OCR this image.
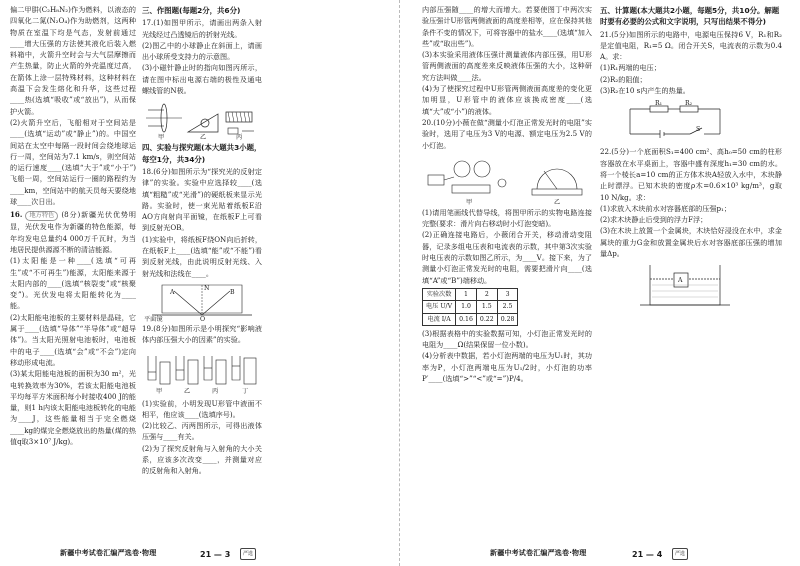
偏二甲肼(C₂H₈N₂)作为燃料，以液态的四氧化二氮(N₂O₄)作为助燃剂，这两种物质在室温下均是气态，发射前通过____增大压强的方法使其液化后装入燃料箱中，火箭升空时会与大气层摩擦而产生热量，防止火箭的外壳温度过高，在箭体上涂一层特殊材料，这种材料在高温下会发生熔化和升华，这些过程____热(选填“吸收”或“放出”)，从而保护火箭。

(2)火箭升空后，飞船相对于空间站是____(选填“运动”或“静止”)的。中国空间站在太空中每隔一段时间会绕地球运行一周，空间站为7.1 km/s，则空间站的运行速度____(选填“大于”或“小于”)飞船一周，空间站运行一圈的路程约为____km，空间站中的航天员每天要绕地球____次日出。

16. 地方特色 (8分)新疆光伏优势明显，光伏发电作为新疆的特色能源，每年均发电总量约4 000万千瓦时，为当地居民提供源源不断的清洁能源。

(1)太阳能是一种____(选填“可再生”或“不可再生”)能源，太阳能来源于太阳内部的____(选填“核裂变”或“核聚变”)。光伏发电将太阳能转化为____能。

(2)太阳能电池板的主要材料是晶硅，它属于____(选填“导体”“半导体”或“超导体”)。当太阳光照射电池板时，电池板中的电子____(选填“会”或“不会”)定向移动形成电流。

(3)某太阳能电池板的面积为30 m²，光电转换效率为30%，若该太阳能电池板平均每平方米面积每小时接收400 J的能量，则1 h内该太阳能电池板转化的电能为____J，这些能量相当于完全燃烧____kg的煤完全燃烧放出的热量(煤的热值q取3×10⁷ J/kg)。

三、作图题(每题2分，共6分)

17.(1)如图甲所示，请画出两条入射光线经过凸透镜后的折射光线。

(2)图乙中的小球静止在斜面上，请画出小球所受支持力的示意图。

(3)小磁针静止时的指向如图丙所示，请在图中标出电源右端的极性及通电螺线管的N极。

甲	乙	丙
四、实验与探究题(本大题共3小题，每空1分，共34分)

18.(6分)如图所示为“探究光的反射定律”的实验。实验中应选择较____(选填“粗糙”或“光滑”)的硬纸板来显示光路。实验时，使一束光贴着纸板E沿AO方向射向平面镜，在纸板F上可看到反射光OB。

(1)实验中，将纸板F绕ON向后折转，在纸板F上____(选填“能”或“不能”)看到反射光线，由此说明反射光线、入射光线和法线在____。

平面镜
A	B
O
N

19.(8分)如图所示是小明探究“影响液体内部压强大小的因素”的实验。

甲	乙	丙	丁

(1)实验前，小明发现U形管中液面不相平，他应该____(选填序号)。

(2)比较乙、丙两图所示，可得出液体压强与____有关。

(2)为了探究反射角与入射角的大小关系，应该多次改变____，并测量对应的反射角和入射角。

新疆中考试卷汇编严选卷·物理	21 — 3	严选

内部压强随____的增大而增大。若要使图丁中两次实验压强计U形管两侧液面的高度差相等，应在保持其他条件不变的情况下，可将容器中的盐水____(选填“加入些”或“取出些”)。

(3)本实验采用液体压强计测量液体内部压强，用U形管两侧液面的高度差来反映液体压强的大小，这种研究方法叫做____法。

(4)为了使探究过程中U形管两侧液面高度差的变化更加明显，U形管中的液体应该换成密度____(选填“大”或“小”)的液体。

20.(10分)小薇在做“测量小灯泡正常发光时的电阻”实验时，选用了电压为3 V的电源、额定电压为2.5 V的小灯泡。

甲	乙

(1)请用笔画线代替导线，将图甲所示的实物电路连接完整(要求：滑片向右移动时小灯泡变暗)。

(2)正确连接电路后，小薇闭合开关，移动滑动变阻器，记录多组电压表和电流表的示数，其中第3次实验时电压表的示数如图乙所示，为____V。接下来，为了测量小灯泡正常发光时的电阻，需要把滑片向____(选填“A”或“B”)端移动。

实验次数	1	2	3
电压 U/V	1.0	1.5	2.5
电流 I/A	0.16	0.22	0.28

(3)根据表格中的实验数据可知，小灯泡正常发光时的电阻为____Ω(结果保留一位小数)。

(4)分析表中数据，若小灯泡两端的电压为U₁时，其功率为P，小灯泡两端电压为U₁/2时，小灯泡的功率P′____(选填“>”“<”或“=”)P/4。

五、计算题(本大题共2小题，每题5分，共10分。解题时要有必要的公式和文字说明，只写出结果不得分)

21.(5分)如图所示的电路中，电源电压保持6 V，R₁和R₂是定值电阻，R₁=5 Ω。闭合开关S，电流表的示数为0.4 A。求：

(1)R₁两端的电压；

(2)R₂的阻值；

(3)R₂在10 s内产生的热量。

R₁	R₂
S

22.(5分)一个底面积S₁=400 cm²、高h₀=50 cm的柱形容器放在水平桌面上，容器中盛有深度h₁=30 cm的水。将一个棱长a=10 cm的正方体木块A轻放入水中，木块静止时漂浮。已知木块的密度ρ木=0.6×10³ kg/m³，g取10 N/kg。求：

(1)求放入木块前水对容器底部的压强p₁；

(2)求木块静止后受到的浮力F浮；

(3)在木块上放置一个金属块，木块恰好浸没在水中，求金属块的重力G金和放置金属块后水对容器底部压强的增加量Δp。

A
新疆中考试卷汇编严选卷·物理	21 — 4	严选
